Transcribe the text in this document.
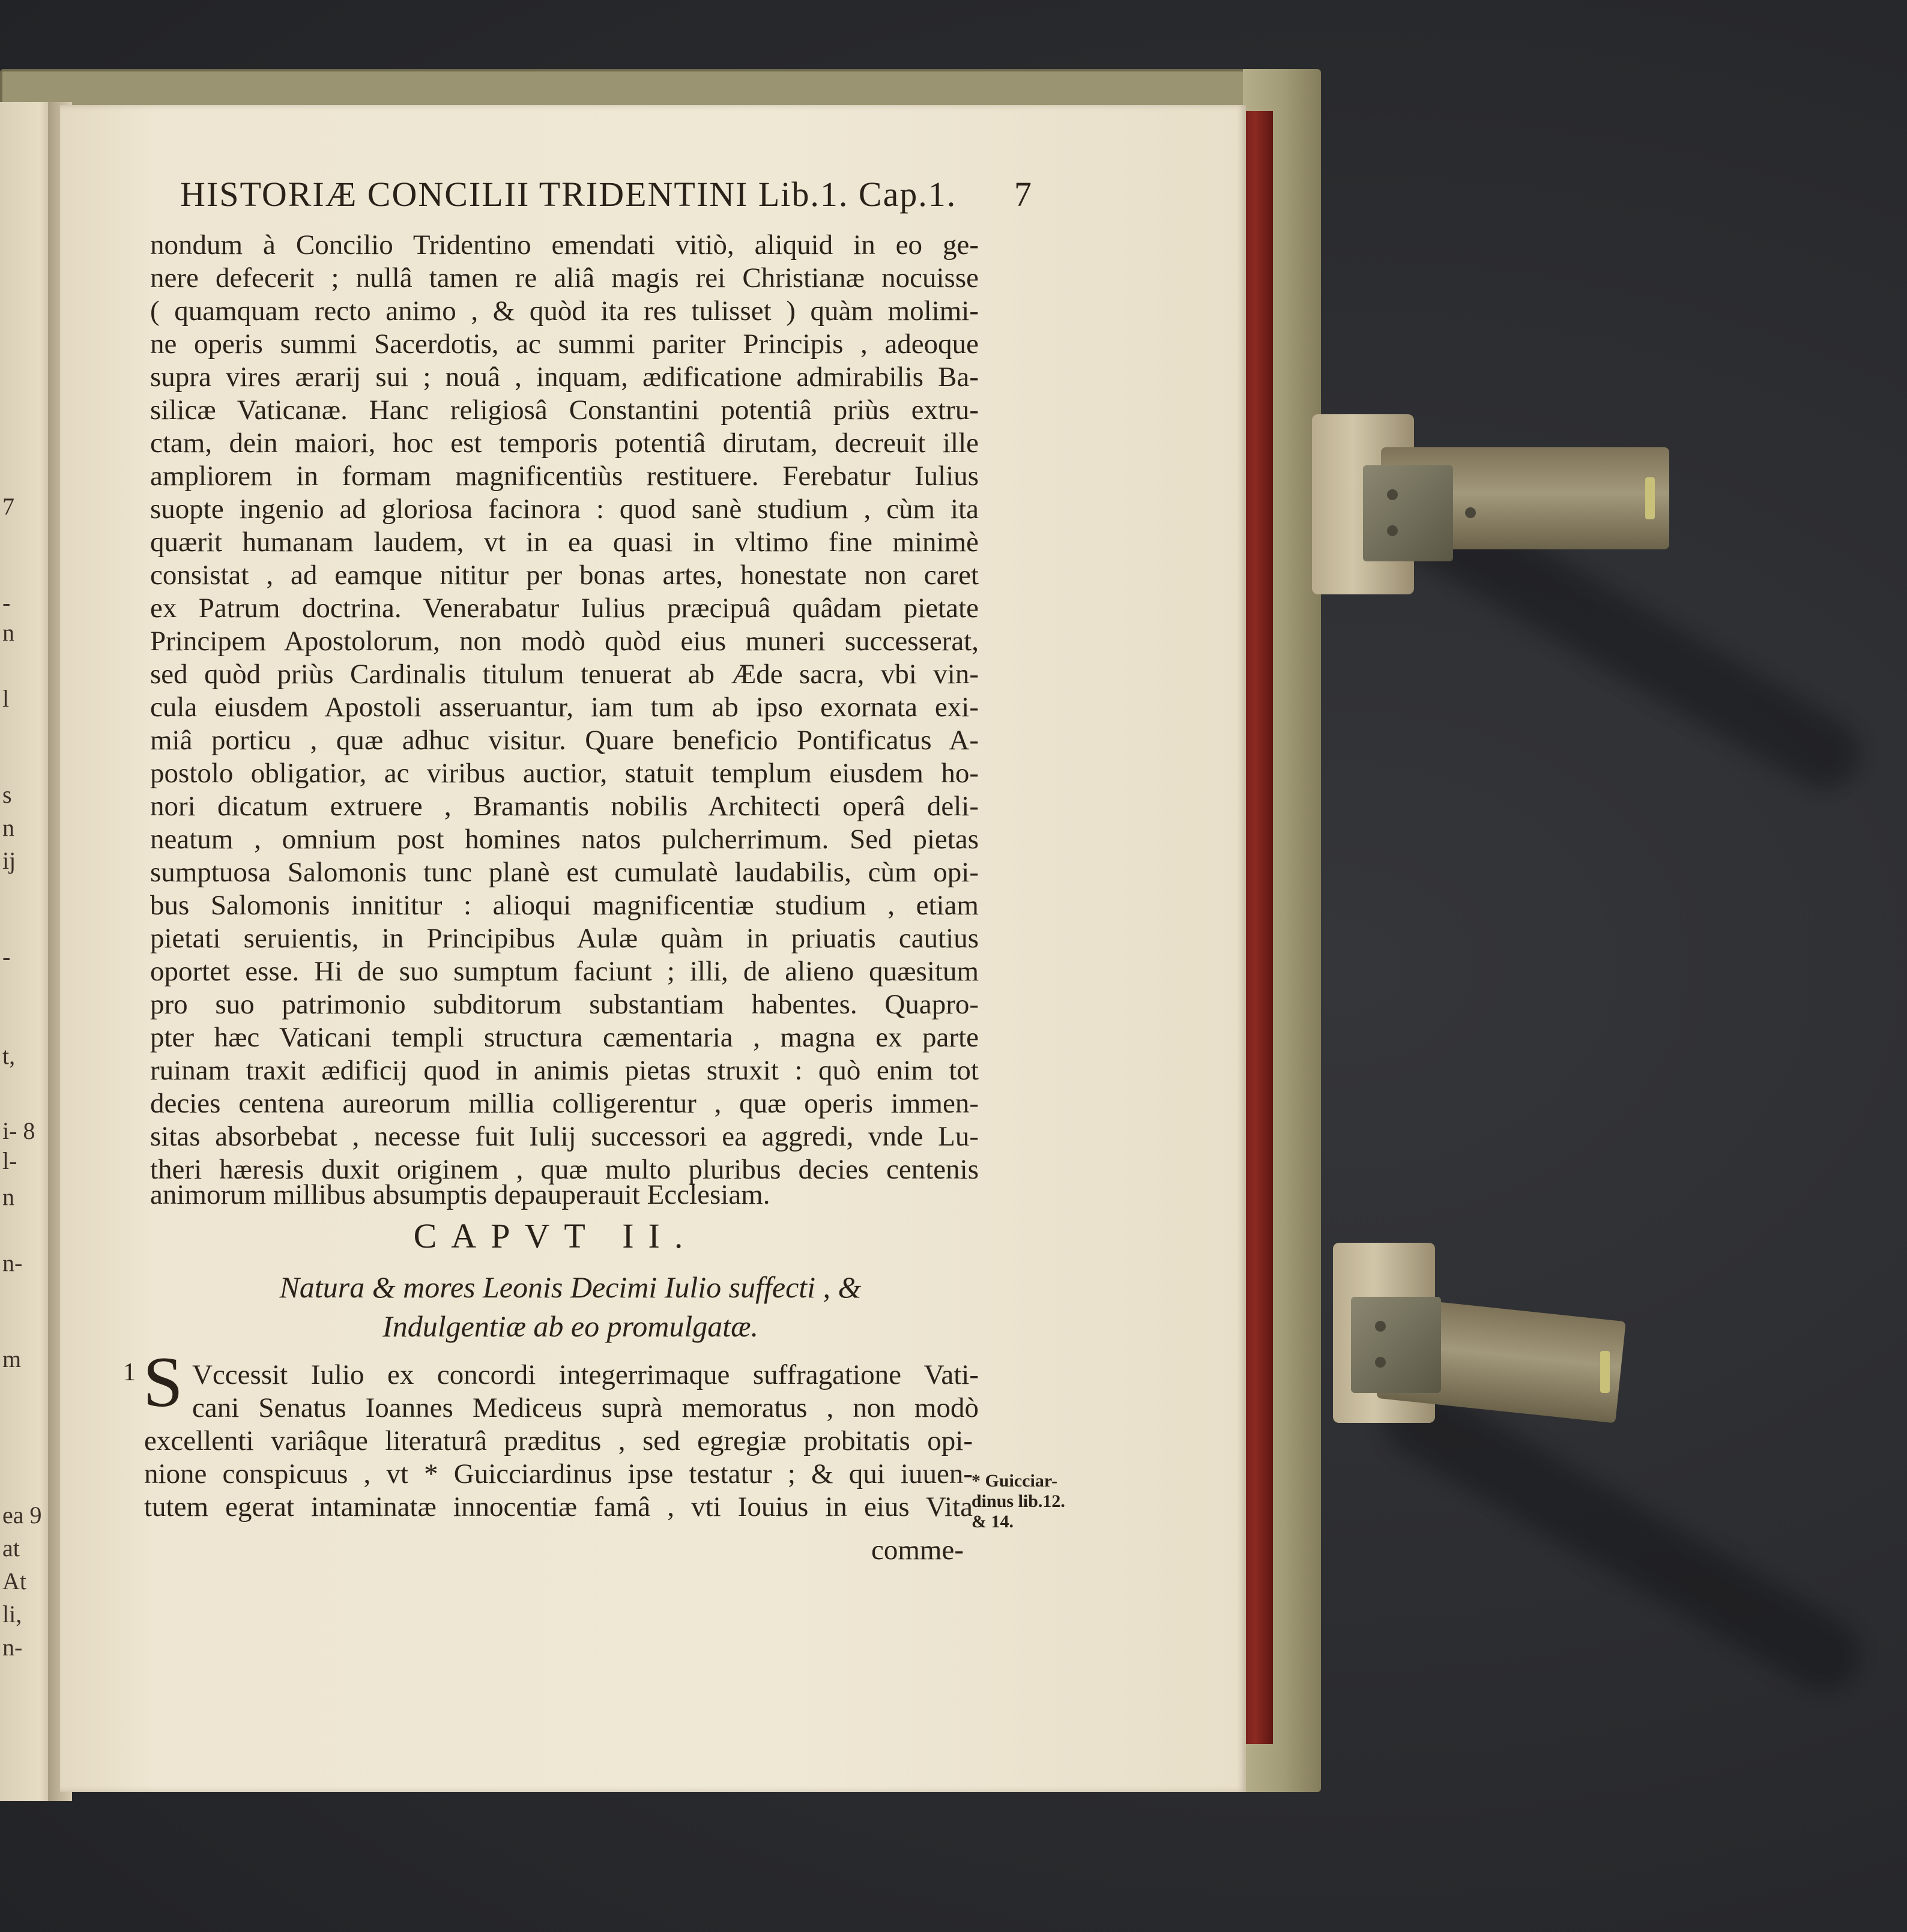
7
-
n
l
s
n
ij
-
t,
i- 8
l-
n
n-
m
ea 9
at
At
li,
n-
HISTORIÆ CONCILII TRIDENTINI Lib.1. Cap.1. 7
nondum à Concilio Tridentino emendati vitiò, aliquid in eo ge-
nere defecerit ; nullâ tamen re aliâ magis rei Christianæ nocuisse
( quamquam recto animo , & quòd ita res tulisset ) quàm molimi-
ne operis summi Sacerdotis, ac summi pariter Principis , adeoque
supra vires ærarij sui ; nouâ , inquam, ædificatione admirabilis Ba-
silicæ Vaticanæ. Hanc religiosâ Constantini potentiâ priùs extru-
ctam, dein maiori, hoc est temporis potentiâ dirutam, decreuit ille
ampliorem in formam magnificentiùs restituere. Ferebatur Iulius
suopte ingenio ad gloriosa facinora : quod sanè studium , cùm ita
quærit humanam laudem, vt in ea quasi in vltimo fine minimè
consistat , ad eamque nititur per bonas artes, honestate non caret
ex Patrum doctrina. Venerabatur Iulius præcipuâ quâdam pietate
Principem Apostolorum, non modò quòd eius muneri successerat,
sed quòd priùs Cardinalis titulum tenuerat ab Æde sacra, vbi vin-
cula eiusdem Apostoli asseruantur, iam tum ab ipso exornata exi-
miâ porticu , quæ adhuc visitur. Quare beneficio Pontificatus A-
postolo obligatior, ac viribus auctior, statuit templum eiusdem ho-
nori dicatum extruere , Bramantis nobilis Architecti operâ deli-
neatum , omnium post homines natos pulcherrimum. Sed pietas
sumptuosa Salomonis tunc planè est cumulatè laudabilis, cùm opi-
bus Salomonis innititur : alioqui magnificentiæ studium , etiam
pietati seruientis, in Principibus Aulæ quàm in priuatis cautius
oportet esse. Hi de suo sumptum faciunt ; illi, de alieno quæsitum
pro suo patrimonio subditorum substantiam habentes. Quapro-
pter hæc Vaticani templi structura cæmentaria , magna ex parte
ruinam traxit ædificij quod in animis pietas struxit : quò enim tot
decies centena aureorum millia colligerentur , quæ operis immen-
sitas absorbebat , necesse fuit Iulij successori ea aggredi, vnde Lu-
theri hæresis duxit originem , quæ multo pluribus decies centenis
animorum millibus absumptis depauperauit Ecclesiam.
CAPVT II.
Natura & mores Leonis Decimi Iulio suffecti , &
Indulgentiæ ab eo promulgatæ.
1 S Vccessit Iulio ex concordi integerrimaque suffragatione Vati-
cani Senatus Ioannes Mediceus suprà memoratus , non modò
excellenti variâque literaturâ præditus , sed egregiæ probitatis opi-
nione conspicuus , vt * Guicciardinus ipse testatur ; & qui iuuen-
tutem egerat intaminatæ innocentiæ famâ , vti Iouius in eius Vita
comme-
* Guicciar-
dinus lib.12.
& 14.
